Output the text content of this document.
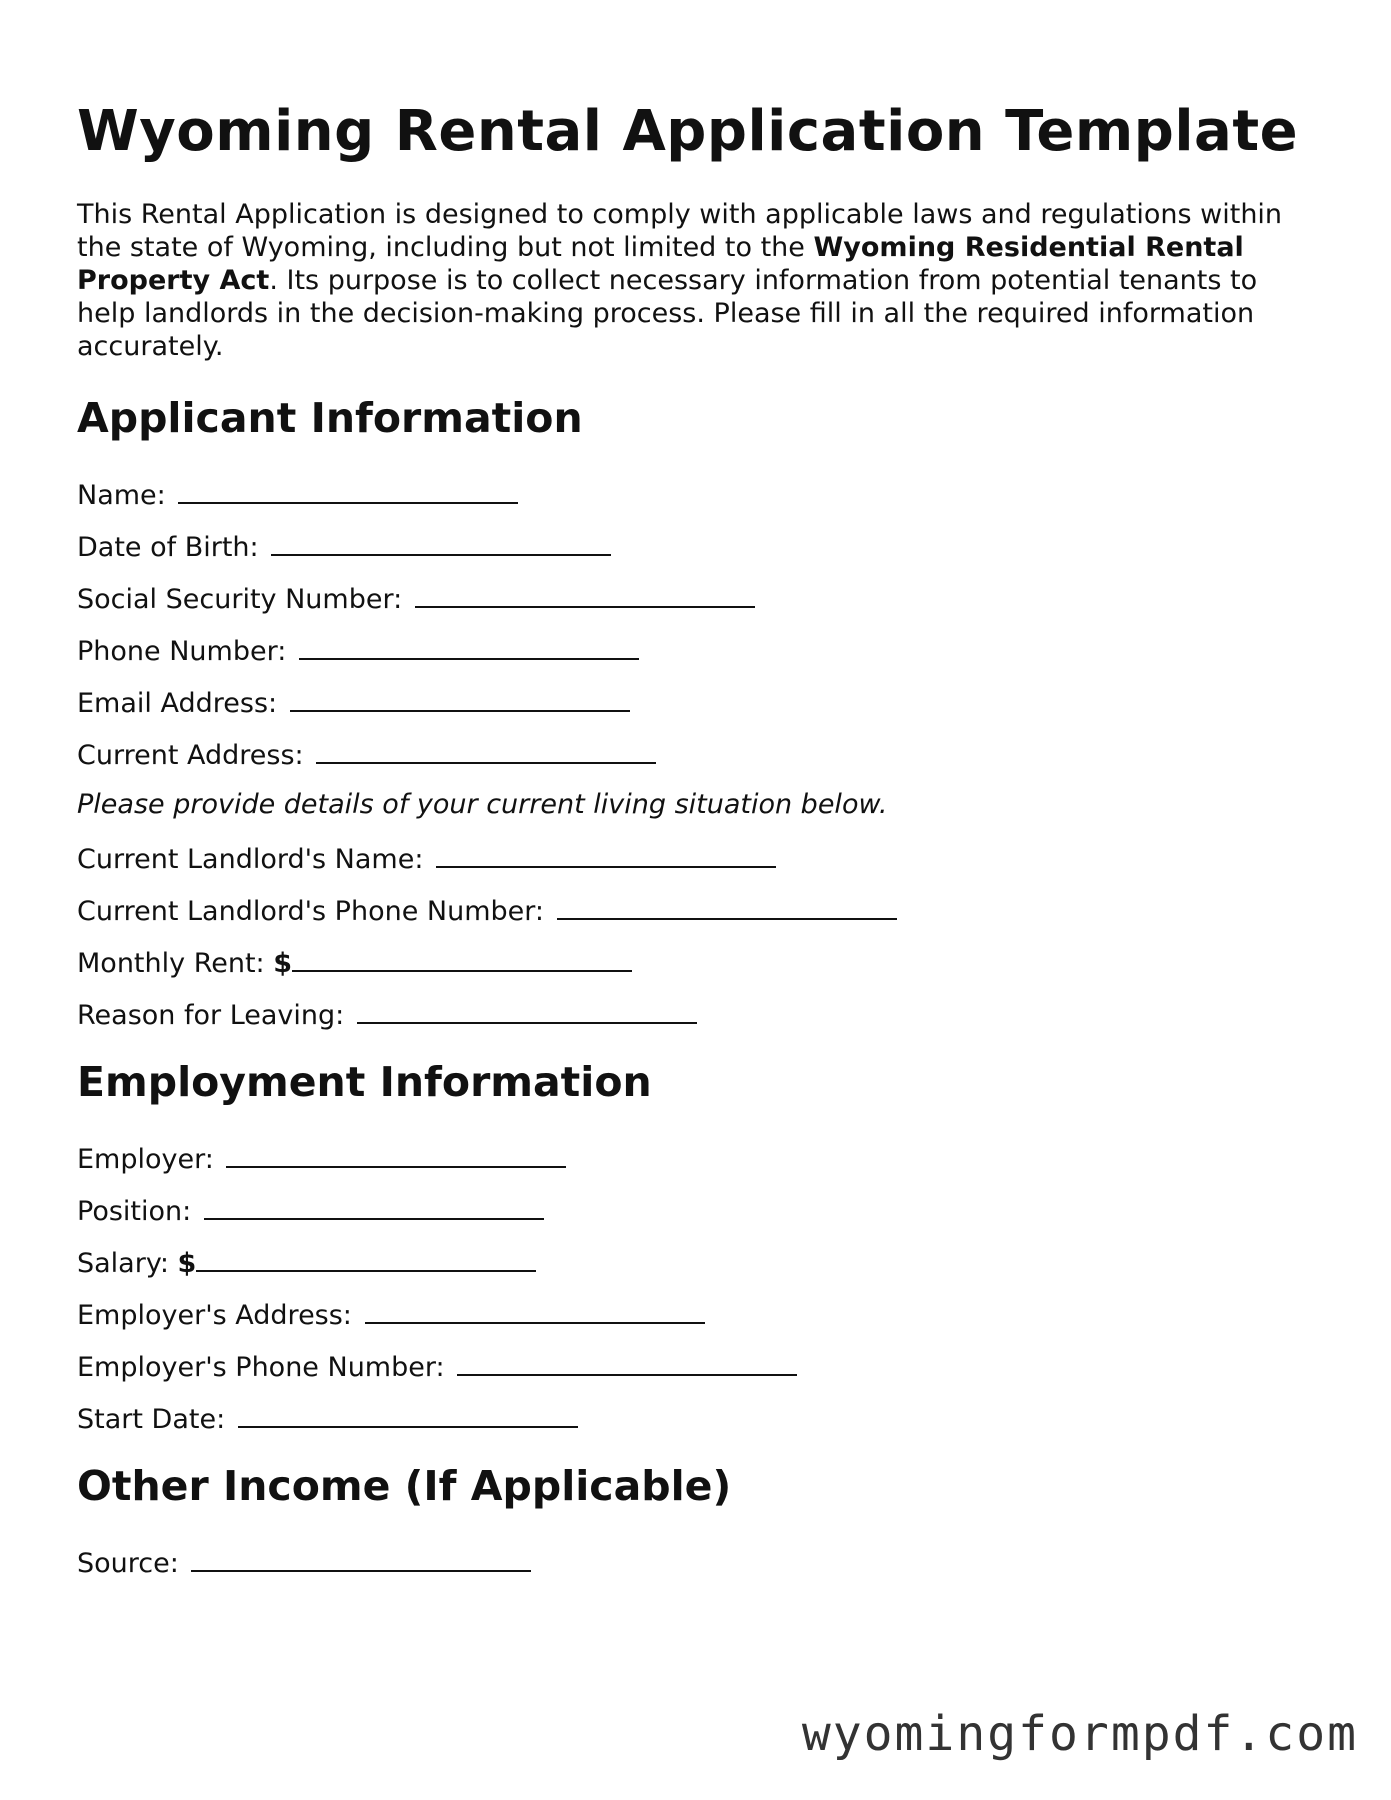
Wyoming Rental Application Template

This Rental Application is designed to comply with applicable laws and regulations within the state of Wyoming, including but not limited to the Wyoming Residential Rental Property Act. Its purpose is to collect necessary information from potential tenants to help landlords in the decision-making process. Please fill in all the required information accurately.

Applicant Information

Name:

Date of Birth:

Social Security Number:

Phone Number:

Email Address:

Current Address:

Please provide details of your current living situation below.

Current Landlord's Name:

Current Landlord's Phone Number:

Monthly Rent: $

Reason for Leaving:

Employment Information

Employer:

Position:

Salary: $

Employer's Address:

Employer's Phone Number:

Start Date:

Other Income (If Applicable)

Source:

wyomingformpdf.com
